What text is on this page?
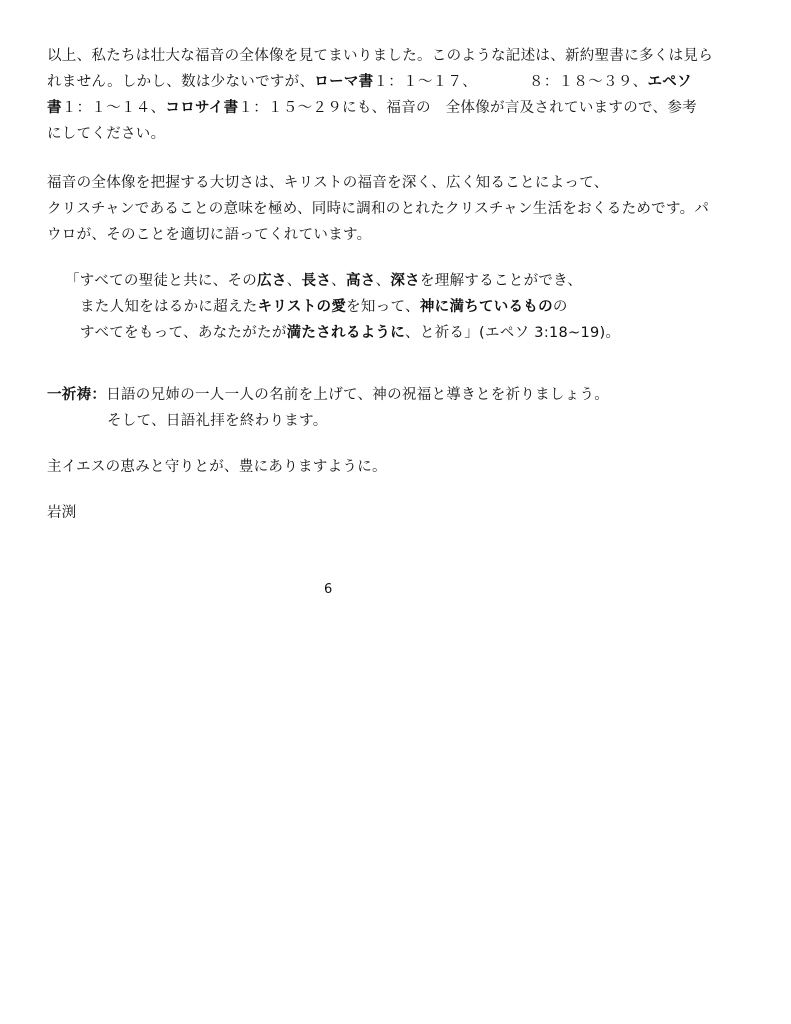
以上、私たちは壮大な福音の全体像を見てまいりました。このような記述は、新約聖書に多くは見ら
れません。しかし、数は少ないですが、ローマ書１：１～１７、　　　　８：１８～３９、エペソ
書１：１～１４、コロサイ書１：１５～２９にも、福音の　全体像が言及されていますので、参考
にしてください。
福音の全体像を把握する大切さは、キリストの福音を深く、広く知ることによって、
クリスチャンであることの意味を極め、同時に調和のとれたクリスチャン生活をおくるためです。パ
ウロが、そのことを適切に語ってくれています。
「すべての聖徒と共に、その広さ、長さ、高さ、深さを理解することができ、
また人知をはるかに超えたキリストの愛を知って、神に満ちているものの
すべてをもって、あなたがたが満たされるように、と祈る」(エペソ 3:18~19)。
一祈祷：日語の兄姉の一人一人の名前を上げて、神の祝福と導きとを祈りましょう。
そして、日語礼拝を終わります。
主イエスの恵みと守りとが、豊にありますように。
岩渕
6
